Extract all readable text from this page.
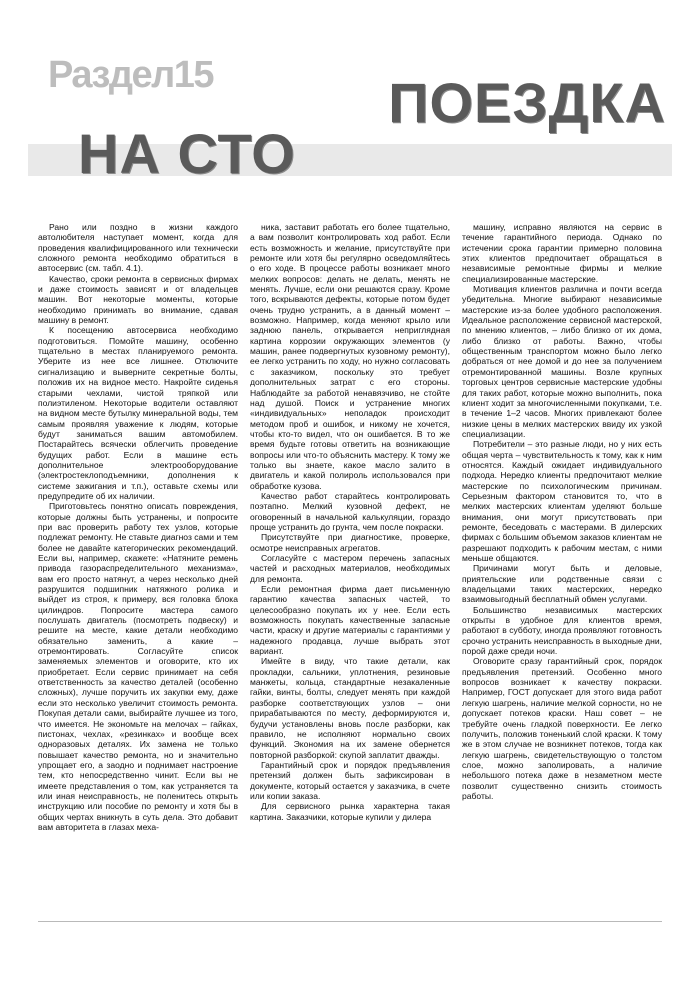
Раздел15	ПОЕЗДКА
НА СТО

Рано или поздно в жизни каждого автолюбителя наступает момент, когда для проведения квалифицированного или технически сложного ремонта необходимо обратиться в автосервис (см. табл. 4.1).

Качество, сроки ремонта в сервисных фирмах и даже стоимость зависят и от владельцев машин. Вот некоторые моменты, которые необходимо принимать во внимание, сдавая машину в ремонт.

К посещению автосервиса необходимо подготовиться. Помойте машину, особенно тщательно в местах планируемого ремонта. Уберите из нее все лишнее. Отключите сигнализацию и выверните секретные болты, положив их на видное место. Накройте сиденья старыми чехлами, чистой тряпкой или полиэтиленом. Некоторые водители оставляют на видном месте бутылку минеральной воды, тем самым проявляя уважение к людям, которые будут заниматься вашим автомобилем. Постарайтесь всячески облегчить проведение будущих работ. Если в машине есть дополнительное электрооборудование (электростеклоподъемники, дополнения к системе зажигания и т.п.), оставьте схемы или предупредите об их наличии.

Приготовьтесь понятно описать повреждения, которые должны быть устранены, и попросите при вас проверить работу тех узлов, которые подлежат ремонту. Не ставьте диагноз сами и тем более не давайте категорических рекомендаций. Если вы, например, скажете: «Натяните ремень привода газораспределительного механизма», вам его просто натянут, а через несколько дней разрушится подшипник натяжного ролика и выйдет из строя, к примеру, вся головка блока цилиндров. Попросите мастера самого послушать двигатель (посмотреть подвеску) и решите на месте, какие детали необходимо обязательно заменить, а какие – отремонтировать. Согласуйте список заменяемых элементов и оговорите, кто их приобретает. Если сервис принимает на себя ответственность за качество деталей (особенно сложных), лучше поручить их закупки ему, даже если это несколько увеличит стоимость ремонта. Покупая детали сами, выбирайте лучшее из того, что имеется. Не экономьте на мелочах – гайках, пистонах, чехлах, «резинках» и вообще всех одноразовых деталях. Их замена не только повышает качество ремонта, но и значительно упрощает его, а заодно и поднимает настроение тем, кто непосредственно чинит. Если вы не имеете представления о том, как устраняется та или иная неисправность, не поленитесь открыть инструкцию или пособие по ремонту и хотя бы в общих чертах вникнуть в суть дела. Это добавит вам авторитета в глазах меха-

ника, заставит работать его более тщательно, а вам позволит контролировать ход работ. Если есть возможность и желание, присутствуйте при ремонте или хотя бы регулярно осведомляйтесь о его ходе. В процессе работы возникает много мелких вопросов: делать не делать, менять не менять. Лучше, если они решаются сразу. Кроме того, вскрываются дефекты, которые потом будет очень трудно устранить, а в данный момент – возможно. Например, когда меняют крыло или заднюю панель, открывается неприглядная картина коррозии окружающих элементов (у машин, ранее подвергнутых кузовному ремонту), ее легко устранить по ходу, но нужно согласовать с заказчиком, поскольку это требует дополнительных затрат с его стороны. Наблюдайте за работой ненавязчиво, не стойте над душой. Поиск и устранение многих «индивидуальных» неполадок происходит методом проб и ошибок, и никому не хочется, чтобы кто-то видел, что он ошибается. В то же время будьте готовы ответить на возникающие вопросы или что-то объяснить мастеру. К тому же только вы знаете, какое масло залито в двигатель и какой полироль использовался при обработке кузова.

Качество работ старайтесь контролировать поэтапно. Мелкий кузовной дефект, не оговоренный в начальной калькуляции, гораздо проще устранить до грунта, чем после покраски.

Присутствуйте при диагностике, проверке, осмотре неисправных агрегатов.

Согласуйте с мастером перечень запасных частей и расходных материалов, необходимых для ремонта.

Если ремонтная фирма дает письменную гарантию качества запасных частей, то целесообразно покупать их у нее. Если есть возможность покупать качественные запасные части, краску и другие материалы с гарантиями у надежного продавца, лучше выбрать этот вариант.

Имейте в виду, что такие детали, как прокладки, сальники, уплотнения, резиновые манжеты, кольца, стандартные незакаленные гайки, винты, болты, следует менять при каждой разборке соответствующих узлов – они прирабатываются по месту, деформируются и, будучи установлены вновь после разборки, как правило, не исполняют нормально своих функций. Экономия на их замене обернется повторной разборкой: скупой заплатит дважды.

Гарантийный срок и порядок предъявления претензий должен быть зафиксирован в документе, который остается у заказчика, в счете или копии заказа.

Для сервисного рынка характерна такая картина. Заказчики, которые купили у дилера

машину, исправно являются на сервис в течение гарантийного периода. Однако по истечении срока гарантии примерно половина этих клиентов предпочитает обращаться в независимые ремонтные фирмы и мелкие специализированные мастерские.

Мотивация клиентов различна и почти всегда убедительна. Многие выбирают независимые мастерские из-за более удобного расположения. Идеальное расположение сервисной мастерской, по мнению клиентов, – либо близко от их дома, либо близко от работы. Важно, чтобы общественным транспортом можно было легко добраться от нее домой и до нее за получением отремонтированной машины. Возле крупных торговых центров сервисные мастерские удобны для таких работ, которые можно выполнить, пока клиент ходит за многочисленными покупками, т.е. в течение 1–2 часов. Многих привлекают более низкие цены в мелких мастерских ввиду их узкой специализации.

Потребители – это разные люди, но у них есть общая черта – чувствительность к тому, как к ним относятся. Каждый ожидает индивидуального подхода. Нередко клиенты предпочитают мелкие мастерские по психологическим причинам. Серьезным фактором становится то, что в мелких мастерских клиентам уделяют больше внимания, они могут присутствовать при ремонте, беседовать с мастерами. В дилерских фирмах с большим объемом заказов клиентам не разрешают подходить к рабочим местам, с ними меньше общаются.

Причинами могут быть и деловые, приятельские или родственные связи с владельцами таких мастерских, нередко взаимовыгодный бесплатный обмен услугами.

Большинство независимых мастерских открыты в удобное для клиентов время, работают в субботу, иногда проявляют готовность срочно устранить неисправность в выходные дни, порой даже среди ночи.

Оговорите сразу гарантийный срок, порядок предъявления претензий. Особенно много вопросов возникает к качеству покраски. Например, ГОСТ допускает для этого вида работ легкую шагрень, наличие мелкой сорности, но не допускает потеков краски. Наш совет – не требуйте очень гладкой поверхности. Ее легко получить, положив тоненький слой краски. К тому же в этом случае не возникнет потеков, тогда как легкую шагрень, свидетельствующую о толстом слое, можно заполировать, а наличие небольшого потека даже в незаметном месте позволит существенно снизить стоимость работы.
